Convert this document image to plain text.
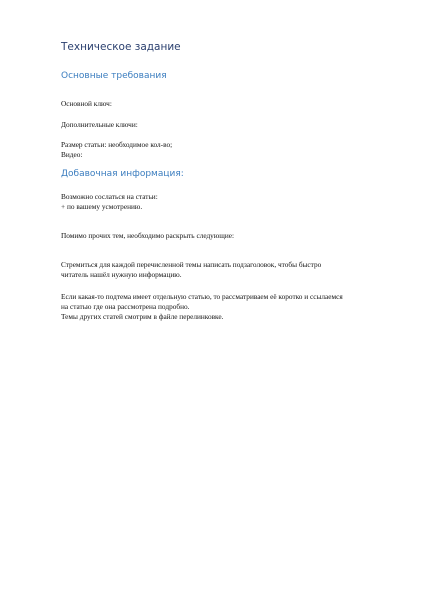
Техническое задание
Основные требования
Основной ключ:
Дополнительные ключи:
Размер статьи: необходимое кол-во;
Видео:
Добавочная информация:
Возможно сослаться на статьи:
+ по вашему усмотрению.
Помимо прочих тем, необходимо раскрыть следующие:
Стремиться для каждой перечисленной темы написать подзаголовок, чтобы быстро
читатель нашёл нужную информацию.
Если какая-то подтема имеет отдельную статью, то рассматриваем её коротко и ссылаемся
на статью где она рассмотрена подробно.
Темы других статей смотрим в файле перелинковке.
